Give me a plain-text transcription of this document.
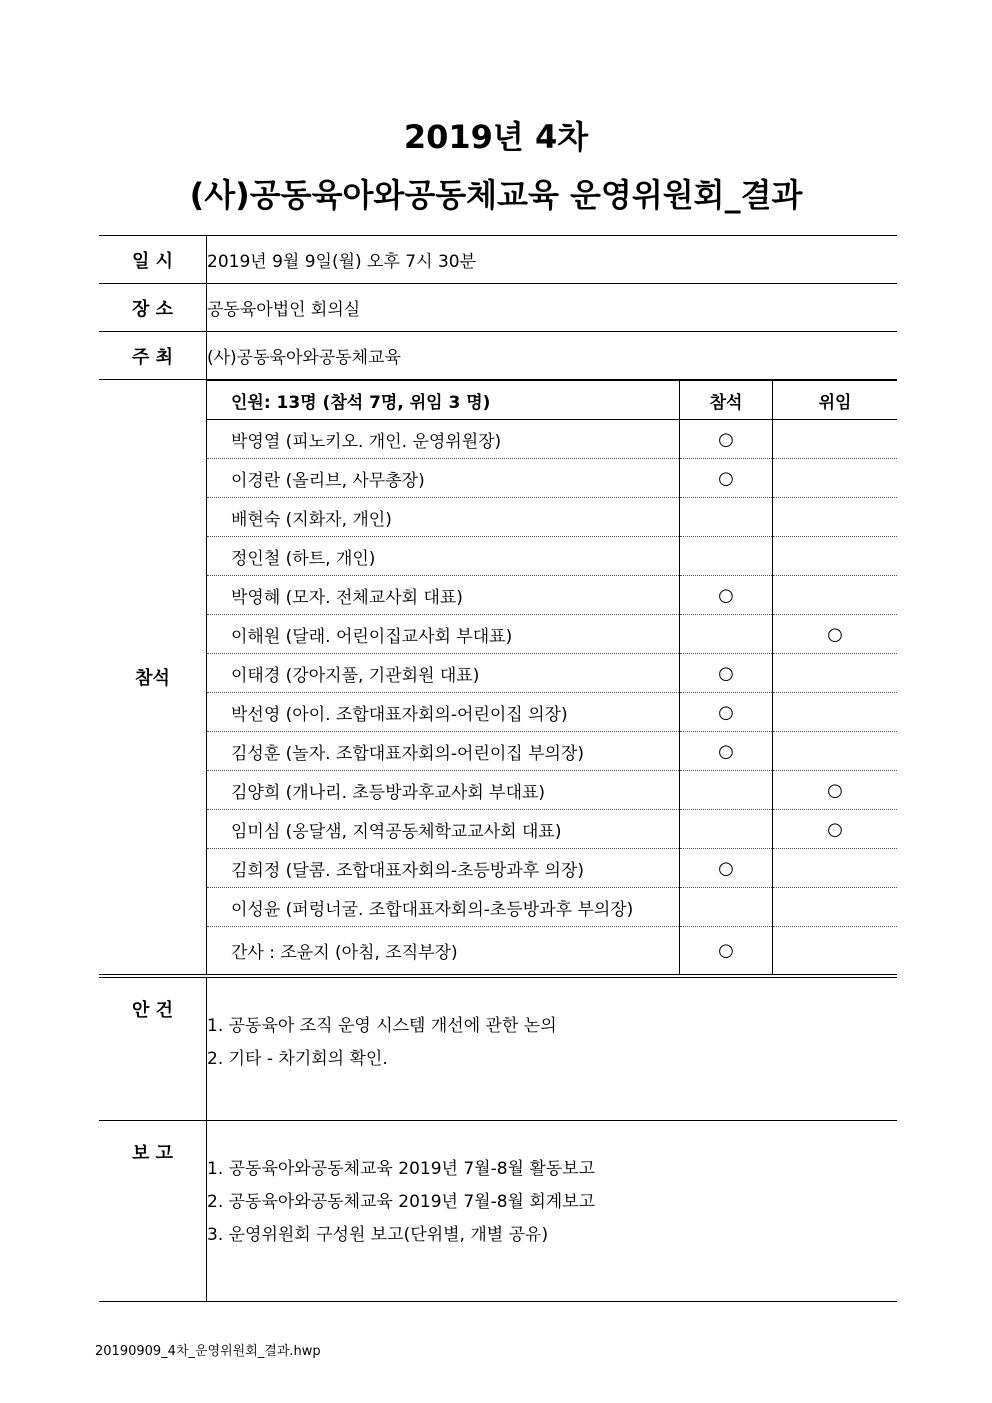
2019년 4차
(사)공동육아와공동체교육 운영위원회_결과
일 시	2019년 9월 9일(월) 오후 7시 30분
장 소	공동육아법인 회의실
주 최	(사)공동육아와공동체교육
참석	
인원: 13명 (참석 7명, 위임 3 명)	참석	위임
박영열 (피노키오. 개인. 운영위원장)	○	
이경란 (올리브, 사무총장)	○	
배현숙 (지화자, 개인)		
정인철 (하트, 개인)		
박영혜 (모자. 전체교사회 대표)	○	
이해원 (달래. 어린이집교사회 부대표)		○
이태경 (강아지풀, 기관회원 대표)	○	
박선영 (아이. 조합대표자회의-어린이집 의장)	○	
김성훈 (놀자. 조합대표자회의-어린이집 부의장)	○	
김양희 (개나리. 초등방과후교사회 부대표)		○
임미심 (옹달샘, 지역공동체학교교사회 대표)		○
김희정 (달콤. 조합대표자회의-초등방과후 의장)	○	
이성윤 (퍼렁너굴. 조합대표자회의-초등방과후 부의장)		
간사 : 조윤지 (아침, 조직부장)	○	

안 건	
1. 공동육아 조직 운영 시스템 개선에 관한 논의
2. 기타 - 차기회의 확인.

보 고	
1. 공동육아와공동체교육 2019년 7월-8월 활동보고
2. 공동육아와공동체교육 2019년 7월-8월 회계보고
3. 운영위원회 구성원 보고(단위별, 개별 공유)
20190909_4차_운영위원회_결과.hwp
